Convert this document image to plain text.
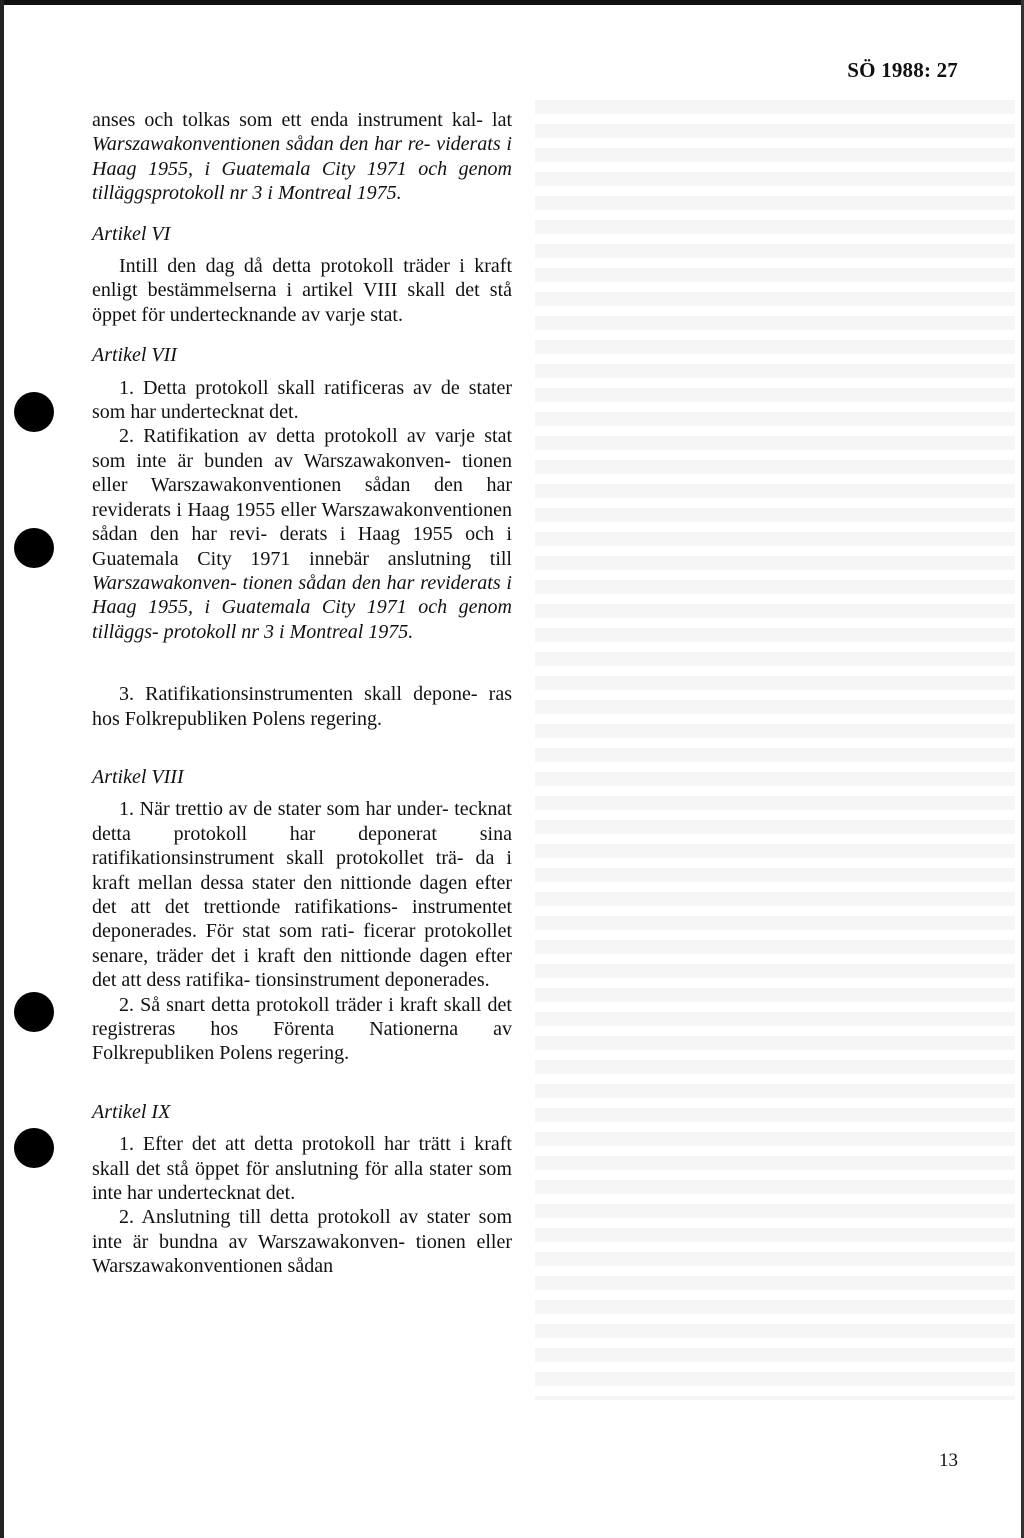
SÖ 1988: 27

anses och tolkas som ett enda instrument kal- lat Warszawakonventionen sådan den har re- viderats i Haag 1955, i Guatemala City 1971 och genom tilläggsprotokoll nr 3 i Montreal 1975.

Artikel VI

Intill den dag då detta protokoll träder i kraft enligt bestämmelserna i artikel VIII skall det stå öppet för undertecknande av varje stat.

Artikel VII

1. Detta protokoll skall ratificeras av de stater som har undertecknat det.

2. Ratifikation av detta protokoll av varje stat som inte är bunden av Warszawakonven- tionen eller Warszawakonventionen sådan den har reviderats i Haag 1955 eller Warszawakonventionen sådan den har revi- derats i Haag 1955 och i Guatemala City 1971 innebär anslutning till Warszawakonven- tionen sådan den har reviderats i Haag 1955, i Guatemala City 1971 och genom tilläggs- protokoll nr 3 i Montreal 1975.

3. Ratifikationsinstrumenten skall depone- ras hos Folkrepubliken Polens regering.

Artikel VIII

1. När trettio av de stater som har under- tecknat detta protokoll har deponerat sina ratifikationsinstrument skall protokollet trä- da i kraft mellan dessa stater den nittionde dagen efter det att det trettionde ratifikations- instrumentet deponerades. För stat som rati- ficerar protokollet senare, träder det i kraft den nittionde dagen efter det att dess ratifika- tionsinstrument deponerades.

2. Så snart detta protokoll träder i kraft skall det registreras hos Förenta Nationerna av Folkrepubliken Polens regering.

Artikel IX

1. Efter det att detta protokoll har trätt i kraft skall det stå öppet för anslutning för alla stater som inte har undertecknat det.

2. Anslutning till detta protokoll av stater som inte är bundna av Warszawakonven- tionen eller Warszawakonventionen sådan

13
